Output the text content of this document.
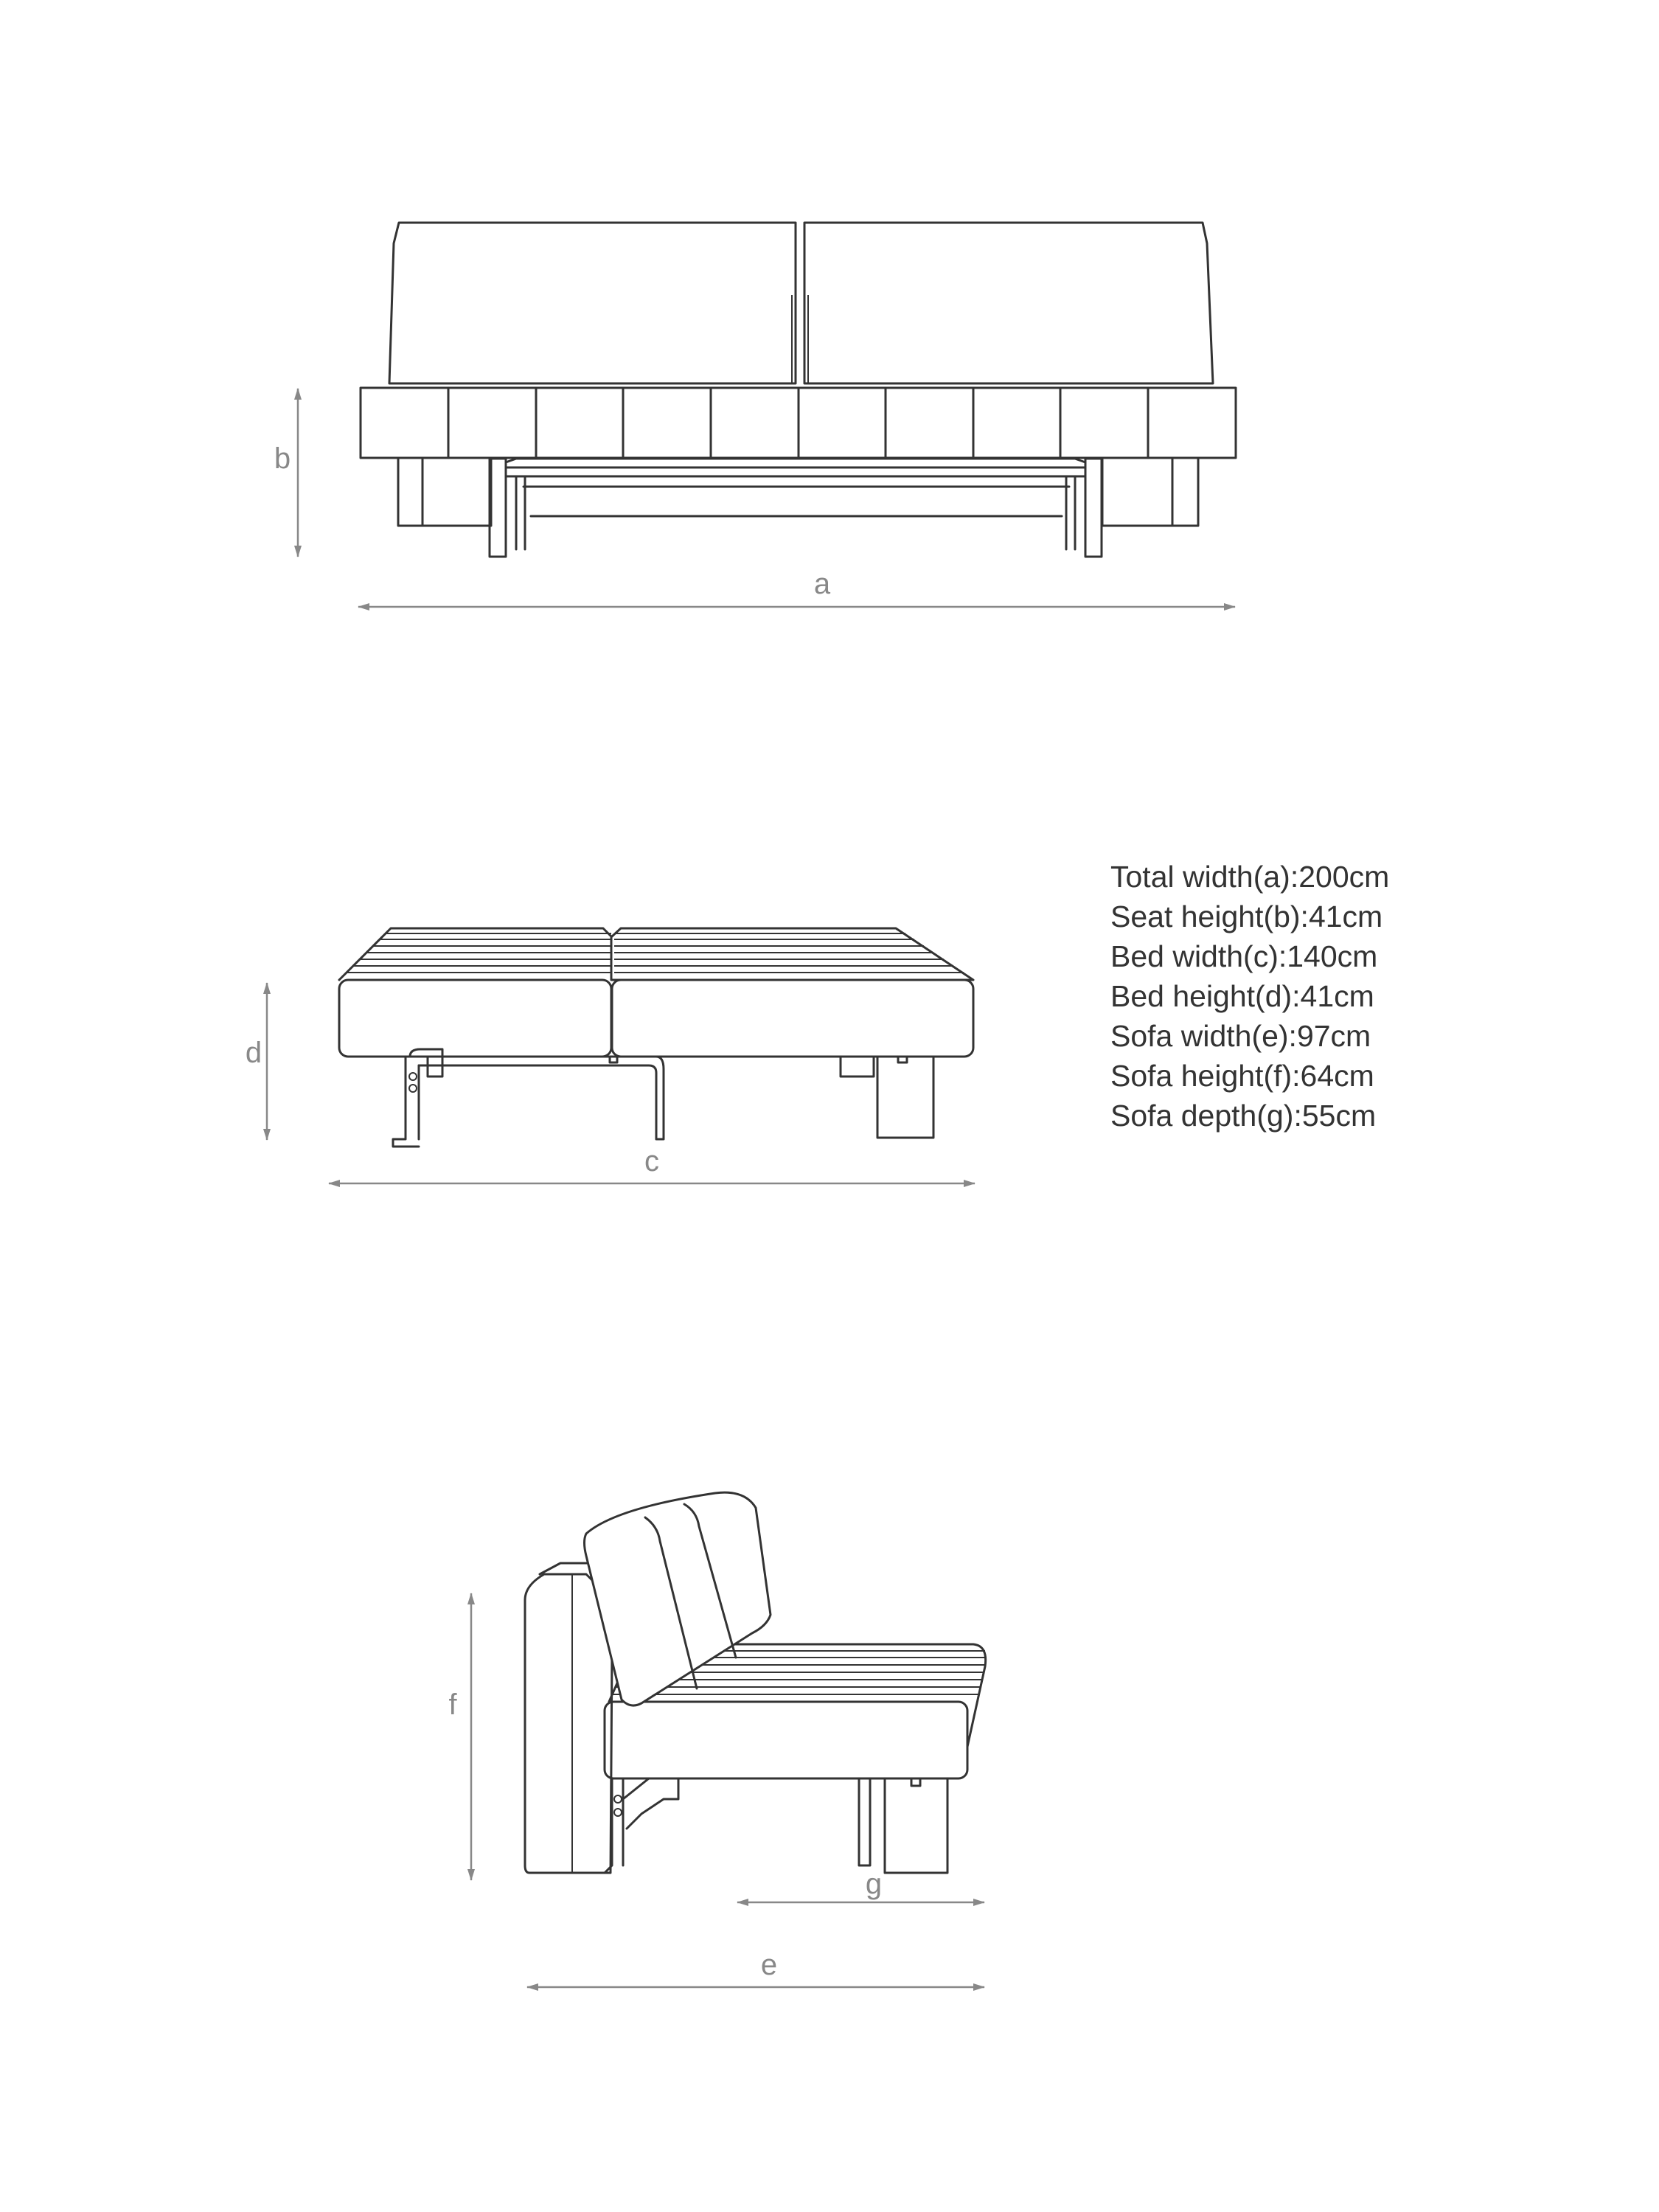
a
b
c
d
f
g
e
Total width(a):200cm
Seat height(b):41cm
Bed width(c):140cm
Bed height(d):41cm
Sofa width(e):97cm
Sofa height(f):64cm
Sofa depth(g):55cm
